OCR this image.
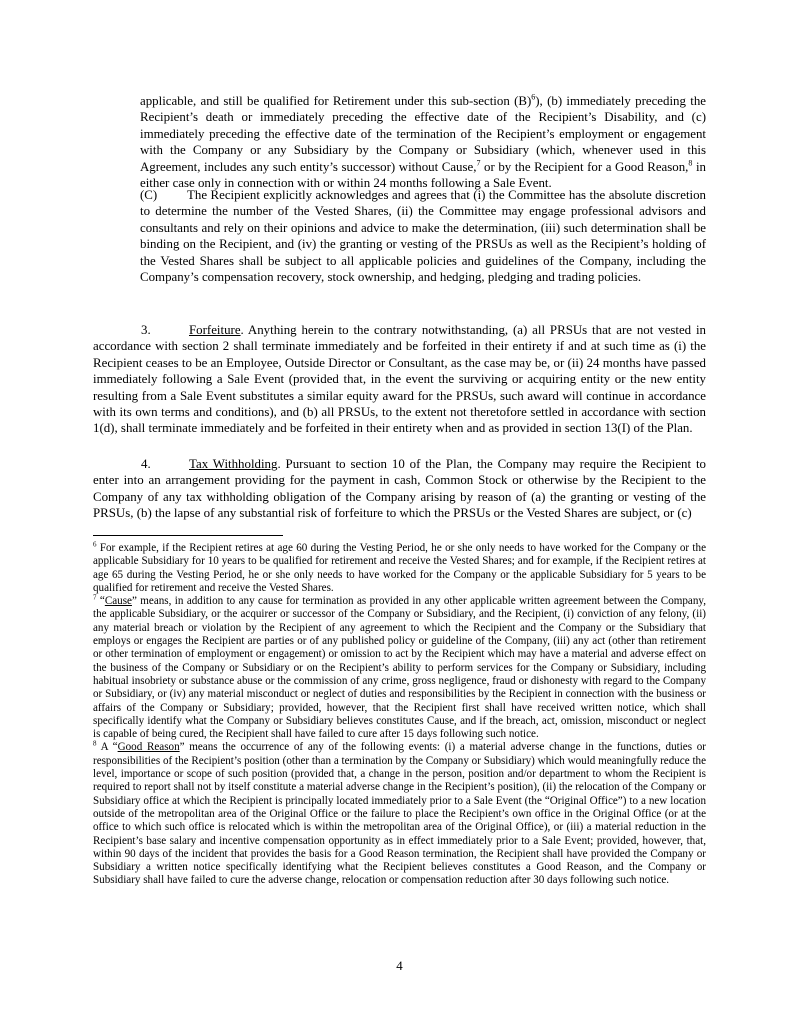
applicable, and still be qualified for Retirement under this sub-section $(B)^6$), (b) immediately preceding the Recipient’s death or immediately preceding the effective date of the Recipient’s Disability, and (c) immediately preceding the effective date of the termination of the Recipient’s employment or engagement with the Company or any Subsidiary by the Company or Subsidiary (which, whenever used in this Agreement, includes any such entity’s successor) without Cause,$^7$ or by the Recipient for a Good Reason,$^8$ in either case only in connection with or within 24 months following a Sale Event.
(C) The Recipient explicitly acknowledges and agrees that (i) the Committee has the absolute discretion to determine the number of the Vested Shares, (ii) the Committee may engage professional advisors and consultants and rely on their opinions and advice to make the determination, (iii) such determination shall be binding on the Recipient, and (iv) the granting or vesting of the PRSUs as well as the Recipient’s holding of the Vested Shares shall be subject to all applicable policies and guidelines of the Company, including the Company’s compensation recovery, stock ownership, and hedging, pledging and trading policies.
3.	Forfeiture. Anything herein to the contrary notwithstanding, (a) all PRSUs that are not vested in accordance with section 2 shall terminate immediately and be forfeited in their entirety if and at such time as (i) the Recipient ceases to be an Employee, Outside Director or Consultant, as the case may be, or (ii) 24 months have passed immediately following a Sale Event (provided that, in the event the surviving or acquiring entity or the new entity resulting from a Sale Event substitutes a similar equity award for the PRSUs, such award will continue in accordance with its own terms and conditions), and (b) all PRSUs, to the extent not theretofore settled in accordance with section 1(d), shall terminate immediately and be forfeited in their entirety when and as provided in section 13(I) of the Plan.
4.	Tax Withholding. Pursuant to section 10 of the Plan, the Company may require the Recipient to enter into an arrangement providing for the payment in cash, Common Stock or otherwise by the Recipient to the Company of any tax withholding obligation of the Company arising by reason of (a) the granting or vesting of the PRSUs, (b) the lapse of any substantial risk of forfeiture to which the PRSUs or the Vested Shares are subject, or (c)

$^6$ For example, if the Recipient retires at age 60 during the Vesting Period, he or she only needs to have worked for the Company or the applicable Subsidiary for 10 years to be qualified for retirement and receive the Vested Shares; and for example, if the Recipient retires at age 65 during the Vesting Period, he or she only needs to have worked for the Company or the applicable Subsidiary for 5 years to be qualified for retirement and receive the Vested Shares.

$^7$ “Cause” means, in addition to any cause for termination as provided in any other applicable written agreement between the Company, the applicable Subsidiary, or the acquirer or successor of the Company or Subsidiary, and the Recipient, (i) conviction of any felony, (ii) any material breach or violation by the Recipient of any agreement to which the Recipient and the Company or the Subsidiary that employs or engages the Recipient are parties or of any published policy or guideline of the Company, (iii) any act (other than retirement or other termination of employment or engagement) or omission to act by the Recipient which may have a material and adverse effect on the business of the Company or Subsidiary or on the Recipient’s ability to perform services for the Company or Subsidiary, including habitual insobriety or substance abuse or the commission of any crime, gross negligence, fraud or dishonesty with regard to the Company or Subsidiary, or (iv) any material misconduct or neglect of duties and responsibilities by the Recipient in connection with the business or affairs of the Company or Subsidiary; provided, however, that the Recipient first shall have received written notice, which shall specifically identify what the Company or Subsidiary believes constitutes Cause, and if the breach, act, omission, misconduct or neglect is capable of being cured, the Recipient shall have failed to cure after 15 days following such notice.

$^8$ A “Good Reason” means the occurrence of any of the following events: (i) a material adverse change in the functions, duties or responsibilities of the Recipient’s position (other than a termination by the Company or Subsidiary) which would meaningfully reduce the level, importance or scope of such position (provided that, a change in the person, position and/or department to whom the Recipient is required to report shall not by itself constitute a material adverse change in the Recipient’s position), (ii) the relocation of the Company or Subsidiary office at which the Recipient is principally located immediately prior to a Sale Event (the “Original Office”) to a new location outside of the metropolitan area of the Original Office or the failure to place the Recipient’s own office in the Original Office (or at the office to which such office is relocated which is within the metropolitan area of the Original Office), or (iii) a material reduction in the Recipient’s base salary and incentive compensation opportunity as in effect immediately prior to a Sale Event; provided, however, that, within 90 days of the incident that provides the basis for a Good Reason termination, the Recipient shall have provided the Company or Subsidiary a written notice specifically identifying what the Recipient believes constitutes a Good Reason, and the Company or Subsidiary shall have failed to cure the adverse change, relocation or compensation reduction after 30 days following such notice.

4
